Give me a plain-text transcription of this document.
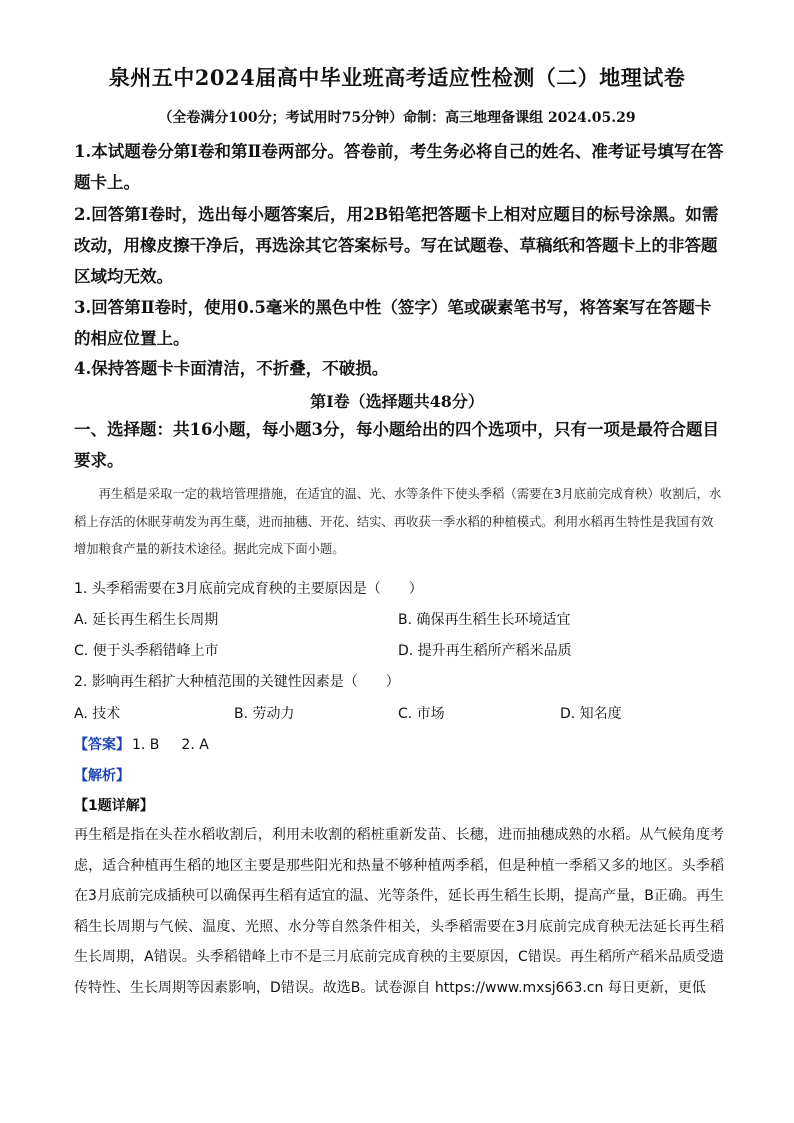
泉州五中2024届高中毕业班高考适应性检测（二）地理试卷
（全卷满分100分；考试用时75分钟）命制：高三地理备课组 2024.05.29
1.本试题卷分第Ⅰ卷和第Ⅱ卷两部分。答卷前，考生务必将自己的姓名、准考证号填写在答题卡上。
2.回答第Ⅰ卷时，选出每小题答案后，用2B铅笔把答题卡上相对应题目的标号涂黑。如需改动，用橡皮擦干净后，再选涂其它答案标号。写在试题卷、草稿纸和答题卡上的非答题区域均无效。
3.回答第Ⅱ卷时，使用0.5毫米的黑色中性（签字）笔或碳素笔书写，将答案写在答题卡的相应位置上。
4.保持答题卡卡面清洁，不折叠，不破损。
第Ⅰ卷（选择题共48分）
一、选择题：共16小题，每小题3分，每小题给出的四个选项中，只有一项是最符合题目要求。
再生稻是采取一定的栽培管理措施，在适宜的温、光、水等条件下使头季稻（需要在3月底前完成育秧）收割后，水稻上存活的休眠芽萌发为再生蘖，进而抽穗、开花、结实、再收获一季水稻的种植模式。利用水稻再生特性是我国有效增加粮食产量的新技术途径。据此完成下面小题。
1. 头季稻需要在3月底前完成育秧的主要原因是（　　）
A. 延长再生稻生长周期	B. 确保再生稻生长环境适宜
C. 便于头季稻错峰上市	D. 提升再生稻所产稻米品质
2. 影响再生稻扩大种植范围的关键性因素是（　　）
A. 技术	B. 劳动力	C. 市场	D. 知名度
【答案】 1. B 2. A
【解析】
【1题详解】
再生稻是指在头茬水稻收割后，利用未收割的稻桩重新发苗、长穗，进而抽穗成熟的水稻。从气候角度考虑，适合种植再生稻的地区主要是那些阳光和热量不够种植两季稻，但是种植一季稻又多的地区。头季稻在3月底前完成插秧可以确保再生稻有适宜的温、光等条件，延长再生稻生长期，提高产量，B正确。再生稻生长周期与气候、温度、光照、水分等自然条件相关，头季稻需要在3月底前完成育秧无法延长再生稻生长周期，A错误。头季稻错峰上市不是三月底前完成育秧的主要原因，C错误。再生稻所产稻米品质受遗传特性、生长周期等因素影响，D错误。故选B。试卷源自 https://www.mxsj663.cn 每日更新，更低
